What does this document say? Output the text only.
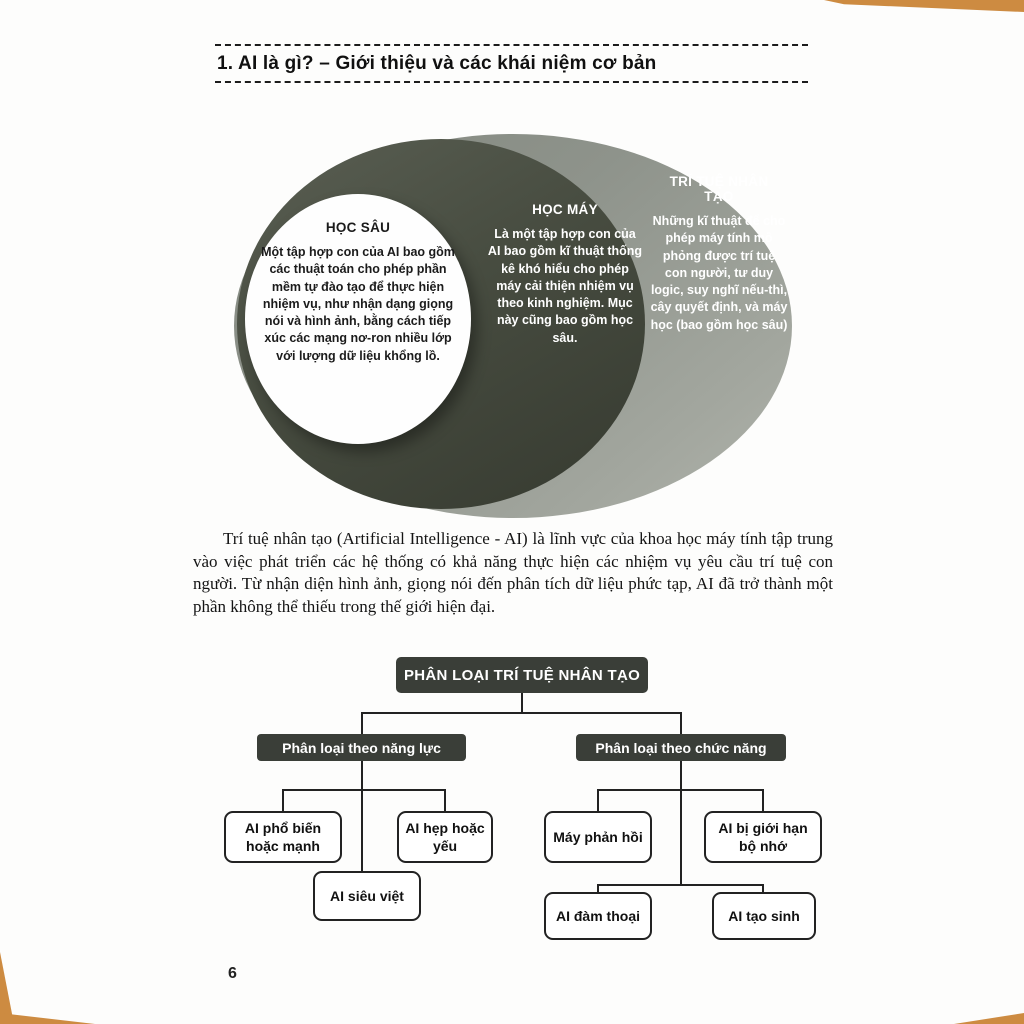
1. AI là gì? – Giới thiệu và các khái niệm cơ bản
HỌC SÂU
Một tập hợp con của AI bao gồm các thuật toán cho phép phần mềm tự đào tạo để thực hiện nhiệm vụ, như nhận dạng giọng nói và hình ảnh, bằng cách tiếp xúc các mạng nơ-ron nhiều lớp với lượng dữ liệu khổng lồ.
HỌC MÁY
Là một tập hợp con của AI bao gồm kĩ thuật thống kê khó hiểu cho phép máy cải thiện nhiệm vụ theo kinh nghiệm. Mục này cũng bao gồm học sâu.
TRÍ TUỆ NHÂN TẠO
Những kĩ thuật để cho phép máy tính mô phỏng được trí tuệ con người, tư duy logic, suy nghĩ nếu-thì, cây quyết định, và máy học (bao gồm học sâu)

Trí tuệ nhân tạo (Artificial Intelligence - AI) là lĩnh vực của khoa học máy tính tập trung vào việc phát triển các hệ thống có khả năng thực hiện các nhiệm vụ yêu cầu trí tuệ con người. Từ nhận diện hình ảnh, giọng nói đến phân tích dữ liệu phức tạp, AI đã trở thành một phần không thể thiếu trong thế giới hiện đại.

PHÂN LOẠI TRÍ TUỆ NHÂN TẠO
Phân loại theo năng lực	Phân loại theo chức năng
AI phổ biến hoặc mạnh
AI hẹp hoặc yếu
AI siêu việt
Máy phản hồi
AI bị giới hạn bộ nhớ
AI đàm thoại	AI tạo sinh
6
